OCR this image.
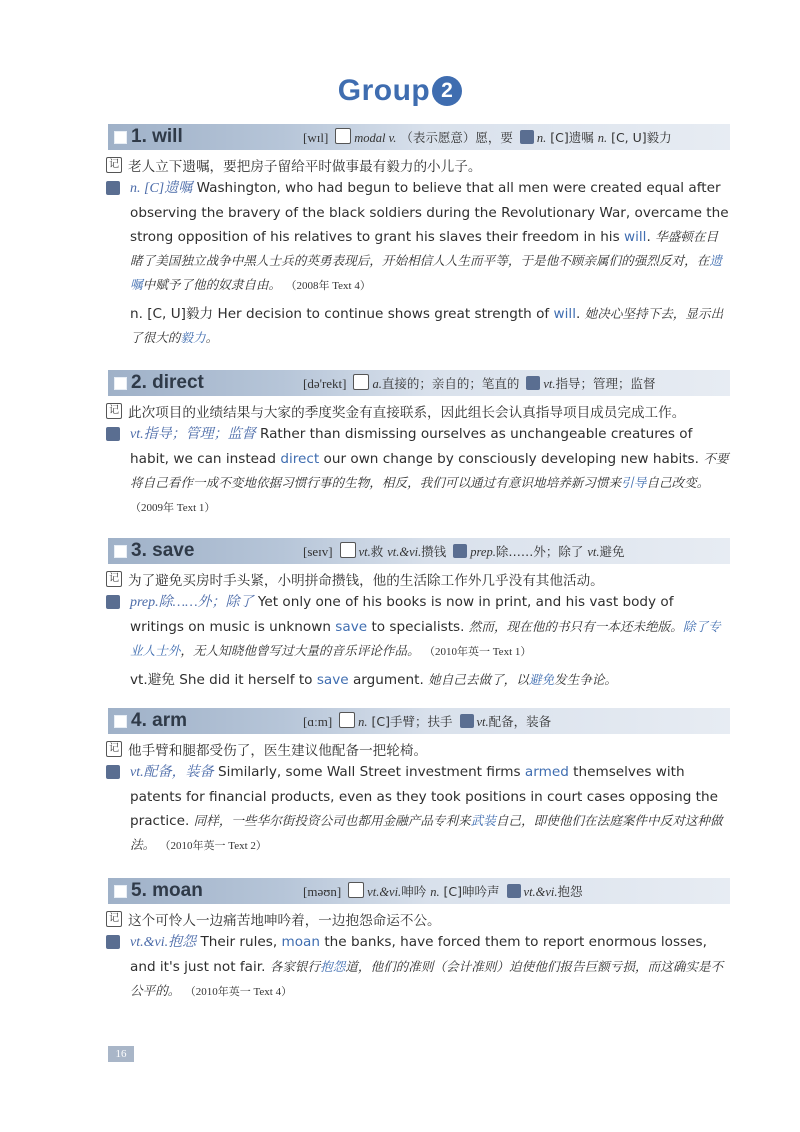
Group 2
1. will	[wɪl] modal v. （表示愿意）愿，要 n. [C]遗嘱 n. [C, U]毅力
记 老人立下遗嘱，要把房子留给平时做事最有毅力的小儿子。
n. [C]遗嘱 Washington, who had begun to believe that all men were created equal after observing the bravery of the black soldiers during the Revolutionary War, overcame the strong opposition of his relatives to grant his slaves their freedom in his will. 华盛顿在目睹了美国独立战争中黑人士兵的英勇表现后，开始相信人人生而平等，于是他不顾亲属们的强烈反对，在遗嘱中赋予了他的奴隶自由。 （2008年 Text 4）
n. [C, U]毅力 Her decision to continue shows great strength of will. 她决心坚持下去，显示出了很大的毅力。
2. direct	[də'rekt] a.直接的；亲自的；笔直的 vt.指导；管理；监督
记 此次项目的业绩结果与大家的季度奖金有直接联系，因此组长会认真指导项目成员完成工作。
vt.指导；管理；监督 Rather than dismissing ourselves as unchangeable creatures of habit, we can instead direct our own change by consciously developing new habits. 不要将自己看作一成不变地依据习惯行事的生物，相反，我们可以通过有意识地培养新习惯来引导自己改变。 （2009年 Text 1）
3. save	[seɪv] vt.救 vt.&vi.攒钱 prep.除……外；除了 vt.避免
记 为了避免买房时手头紧，小明拼命攒钱，他的生活除工作外几乎没有其他活动。
prep.除……外；除了 Yet only one of his books is now in print, and his vast body of writings on music is unknown save to specialists. 然而，现在他的书只有一本还未绝版。除了专业人士外，无人知晓他曾写过大量的音乐评论作品。 （2010年英一 Text 1）
vt.避免 She did it herself to save argument. 她自己去做了，以避免发生争论。
4. arm	[ɑːm] n. [C]手臂；扶手 vt.配备，装备
记 他手臂和腿都受伤了，医生建议他配备一把轮椅。
vt.配备，装备 Similarly, some Wall Street investment firms armed themselves with patents for financial products, even as they took positions in court cases opposing the practice. 同样，一些华尔街投资公司也都用金融产品专利来武装自己，即使他们在法庭案件中反对这种做法。 （2010年英一 Text 2）
5. moan	[məʊn] vt.&vi.呻吟 n. [C]呻吟声 vt.&vi.抱怨
记 这个可怜人一边痛苦地呻吟着，一边抱怨命运不公。
vt.&vi.抱怨 Their rules, moan the banks, have forced them to report enormous losses, and it's just not fair. 各家银行抱怨道，他们的准则（会计准则）迫使他们报告巨额亏损，而这确实是不公平的。 （2010年英一 Text 4）
16
